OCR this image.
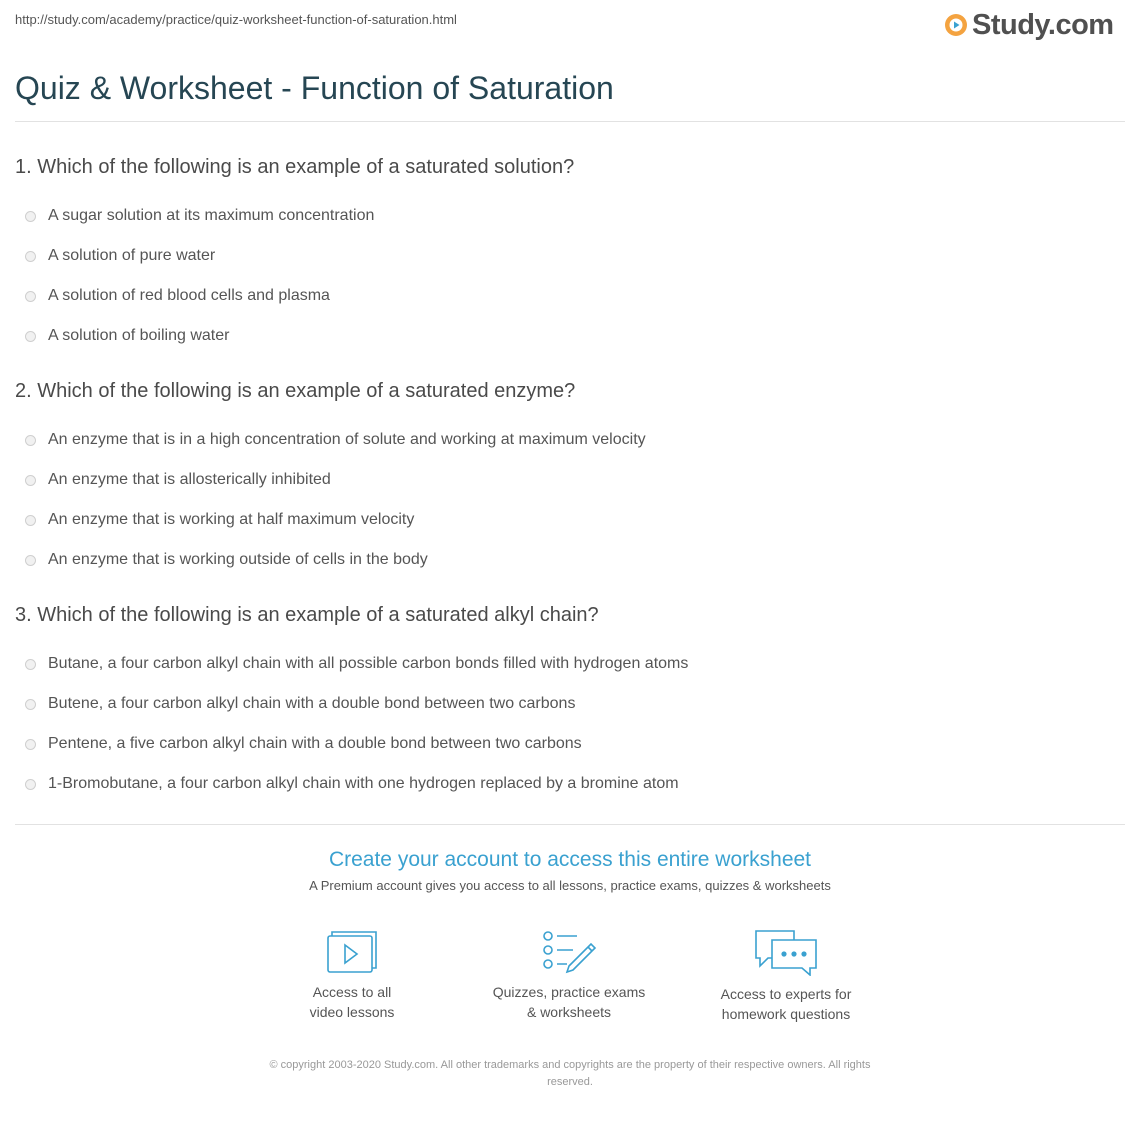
http://study.com/academy/practice/quiz-worksheet-function-of-saturation.html	Study.com
Quiz & Worksheet - Function of Saturation
1. Which of the following is an example of a saturated solution?
A sugar solution at its maximum concentration
A solution of pure water
A solution of red blood cells and plasma
A solution of boiling water
2. Which of the following is an example of a saturated enzyme?
An enzyme that is in a high concentration of solute and working at maximum velocity
An enzyme that is allosterically inhibited
An enzyme that is working at half maximum velocity
An enzyme that is working outside of cells in the body
3. Which of the following is an example of a saturated alkyl chain?
Butane, a four carbon alkyl chain with all possible carbon bonds filled with hydrogen atoms
Butene, a four carbon alkyl chain with a double bond between two carbons
Pentene, a five carbon alkyl chain with a double bond between two carbons
1-Bromobutane, a four carbon alkyl chain with one hydrogen replaced by a bromine atom
Create your account to access this entire worksheet
A Premium account gives you access to all lessons, practice exams, quizzes & worksheets
Access to all
video lessons
Quizzes, practice exams
& worksheets
Access to experts for
homework questions
© copyright 2003-2020 Study.com. All other trademarks and copyrights are the property of their respective owners. All rights
reserved.
